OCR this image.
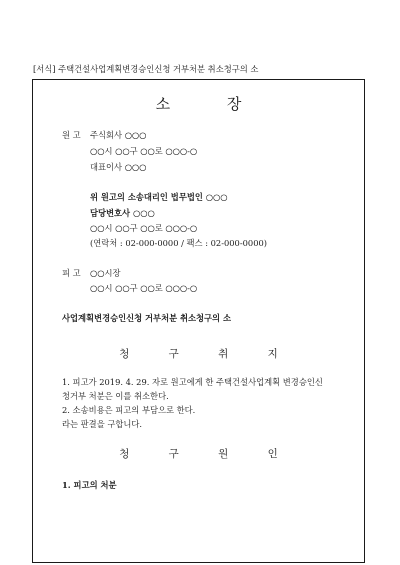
[서식] 주택건설사업계획변경승인신청 거부처분 취소청구의 소
소 장
원 고 주식회사 ○○○
○○시 ○○구 ○○로 ○○○-○
대표이사 ○○○
위 원고의 소송대리인 법무법인 ○○○
담당변호사 ○○○
○○시 ○○구 ○○로 ○○○-○
(연락처 : 02-000-0000 / 팩스 : 02-000-0000)
피 고 ○○시장
○○시 ○○구 ○○로 ○○○-○
사업계획변경승인신청 거부처분 취소청구의 소
청 구 취 지
1. 피고가 2019. 4. 29. 자로 원고에게 한 주택건설사업계획 변경승인신
청거부 처분은 이를 취소한다.
2. 소송비용은 피고의 부담으로 한다.
라는 판결을 구합니다.
청 구 원 인
1. 피고의 처분
